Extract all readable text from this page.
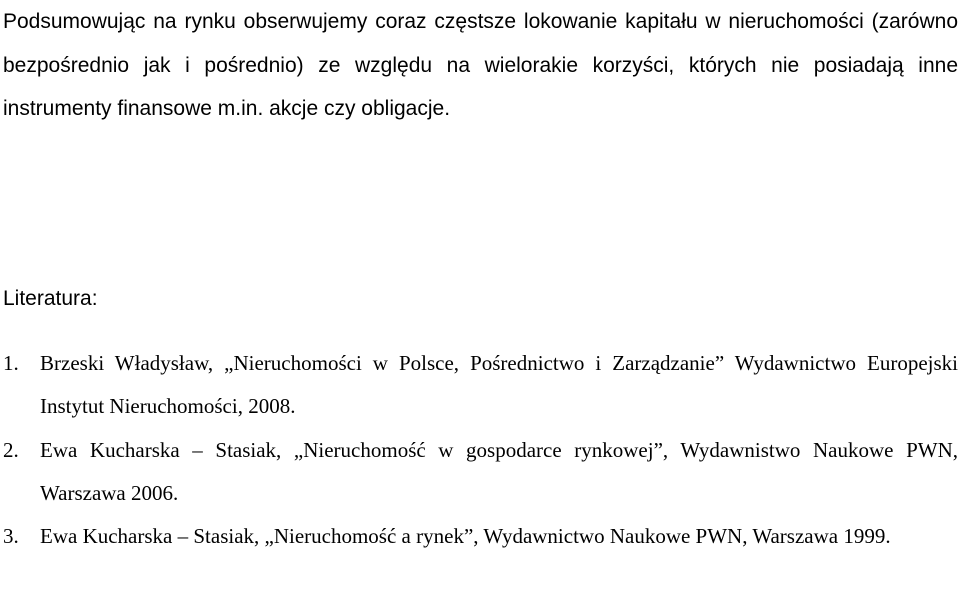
Podsumowując na rynku obserwujemy coraz częstsze lokowanie kapitału w nieruchomości (zarówno bezpośrednio jak i pośrednio) ze względu na wielorakie korzyści, których nie posiadają inne instrumenty finansowe m.in. akcje czy obligacje.

Literatura:

1.	Brzeski Władysław, „Nieruchomości w Polsce, Pośrednictwo i Zarządzanie” Wydawnictwo Europejski Instytut Nieruchomości, 2008.
2.	Ewa Kucharska – Stasiak, „Nieruchomość w gospodarce rynkowej”, Wydawnistwo Naukowe PWN, Warszawa 2006.
3.	Ewa Kucharska – Stasiak, „Nieruchomość a rynek”, Wydawnictwo Naukowe PWN, Warszawa 1999.
